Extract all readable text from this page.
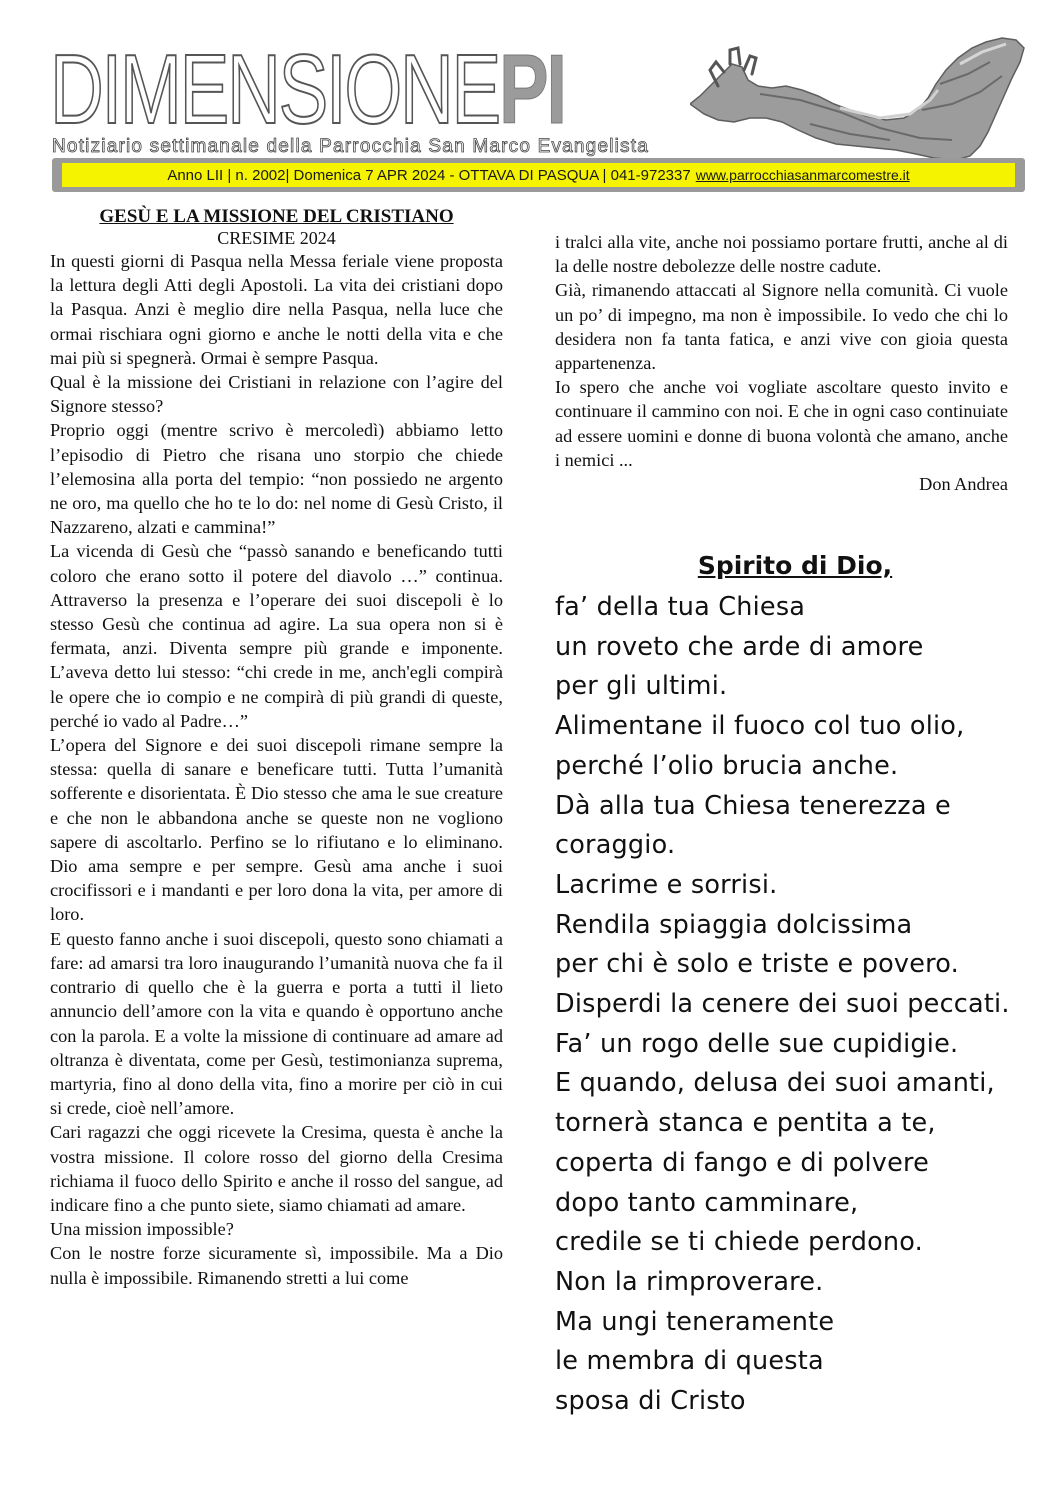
DIMENSIONEPI

Notiziario settimanale della Parrocchia San Marco Evangelista

Anno LII | n. 2002| Domenica 7 APR 2024 - OTTAVA DI PASQUA | 041-972337 www.parrocchiasanmarcomestre.it
GESÙ E LA MISSIONE DEL CRISTIANO

CRESIME 2024

In questi giorni di Pasqua nella Messa feriale viene proposta la lettura degli Atti degli Apostoli. La vita dei cristiani dopo la Pasqua. Anzi è meglio dire nella Pasqua, nella luce che ormai rischiara ogni giorno e anche le notti della vita e che mai più si spegnerà. Ormai è sempre Pasqua.

Qual è la missione dei Cristiani in relazione con l’agire del Signore stesso?

Proprio oggi (mentre scrivo è mercoledì) abbiamo letto l’episodio di Pietro che risana uno storpio che chiede l’elemosina alla porta del tempio: “non possiedo ne argento ne oro, ma quello che ho te lo do: nel nome di Gesù Cristo, il Nazzareno, alzati e cammina!”

La vicenda di Gesù che “passò sanando e beneficando tutti coloro che erano sotto il potere del diavolo …” continua. Attraverso la presenza e l’operare dei suoi discepoli è lo stesso Gesù che continua ad agire. La sua opera non si è fermata, anzi. Diventa sempre più grande e imponente. L’aveva detto lui stesso: “chi crede in me, anch'egli compirà le opere che io compio e ne compirà di più grandi di queste, perché io vado al Padre…”

L’opera del Signore e dei suoi discepoli rimane sempre la stessa: quella di sanare e beneficare tutti. Tutta l’umanità sofferente e disorientata. È Dio stesso che ama le sue creature e che non le abbandona anche se queste non ne vogliono sapere di ascoltarlo. Perfino se lo rifiutano e lo eliminano. Dio ama sempre e per sempre. Gesù ama anche i suoi crocifissori e i mandanti e per loro dona la vita, per amore di loro.

E questo fanno anche i suoi discepoli, questo sono chiamati a fare: ad amarsi tra loro inaugurando l’umanità nuova che fa il contrario di quello che è la guerra e porta a tutti il lieto annuncio dell’amore con la vita e quando è opportuno anche con la parola. E a volte la missione di continuare ad amare ad oltranza è diventata, come per Gesù, testimonianza suprema, martyria, fino al dono della vita, fino a morire per ciò in cui si crede, cioè nell’amore.

Cari ragazzi che oggi ricevete la Cresima, questa è anche la vostra missione. Il colore rosso del giorno della Cresima richiama il fuoco dello Spirito e anche il rosso del sangue, ad indicare fino a che punto siete, siamo chiamati ad amare.

Una mission impossible?

Con le nostre forze sicuramente sì, impossibile. Ma a Dio nulla è impossibile. Rimanendo stretti a lui come

i tralci alla vite, anche noi possiamo portare frutti, anche al di la delle nostre debolezze delle nostre cadute.

Già, rimanendo attaccati al Signore nella comunità. Ci vuole un po’ di impegno, ma non è impossibile. Io vedo che chi lo desidera non fa tanta fatica, e anzi vive con gioia questa appartenenza.

Io spero che anche voi vogliate ascoltare questo invito e continuare il cammino con noi. E che in ogni caso continuiate ad essere uomini e donne di buona volontà che amano, anche i nemici ...

Don Andrea

Spirito di Dio,
fa’ della tua Chiesa
un roveto che arde di amore
per gli ultimi.
Alimentane il fuoco col tuo olio,
perché l’olio brucia anche.
Dà alla tua Chiesa tenerezza e
coraggio.
Lacrime e sorrisi.
Rendila spiaggia dolcissima
per chi è solo e triste e povero.
Disperdi la cenere dei suoi peccati.
Fa’ un rogo delle sue cupidigie.
E quando, delusa dei suoi amanti,
tornerà stanca e pentita a te,
coperta di fango e di polvere
dopo tanto camminare,
credile se ti chiede perdono.
Non la rimproverare.
Ma ungi teneramente
le membra di questa
sposa di Cristo
